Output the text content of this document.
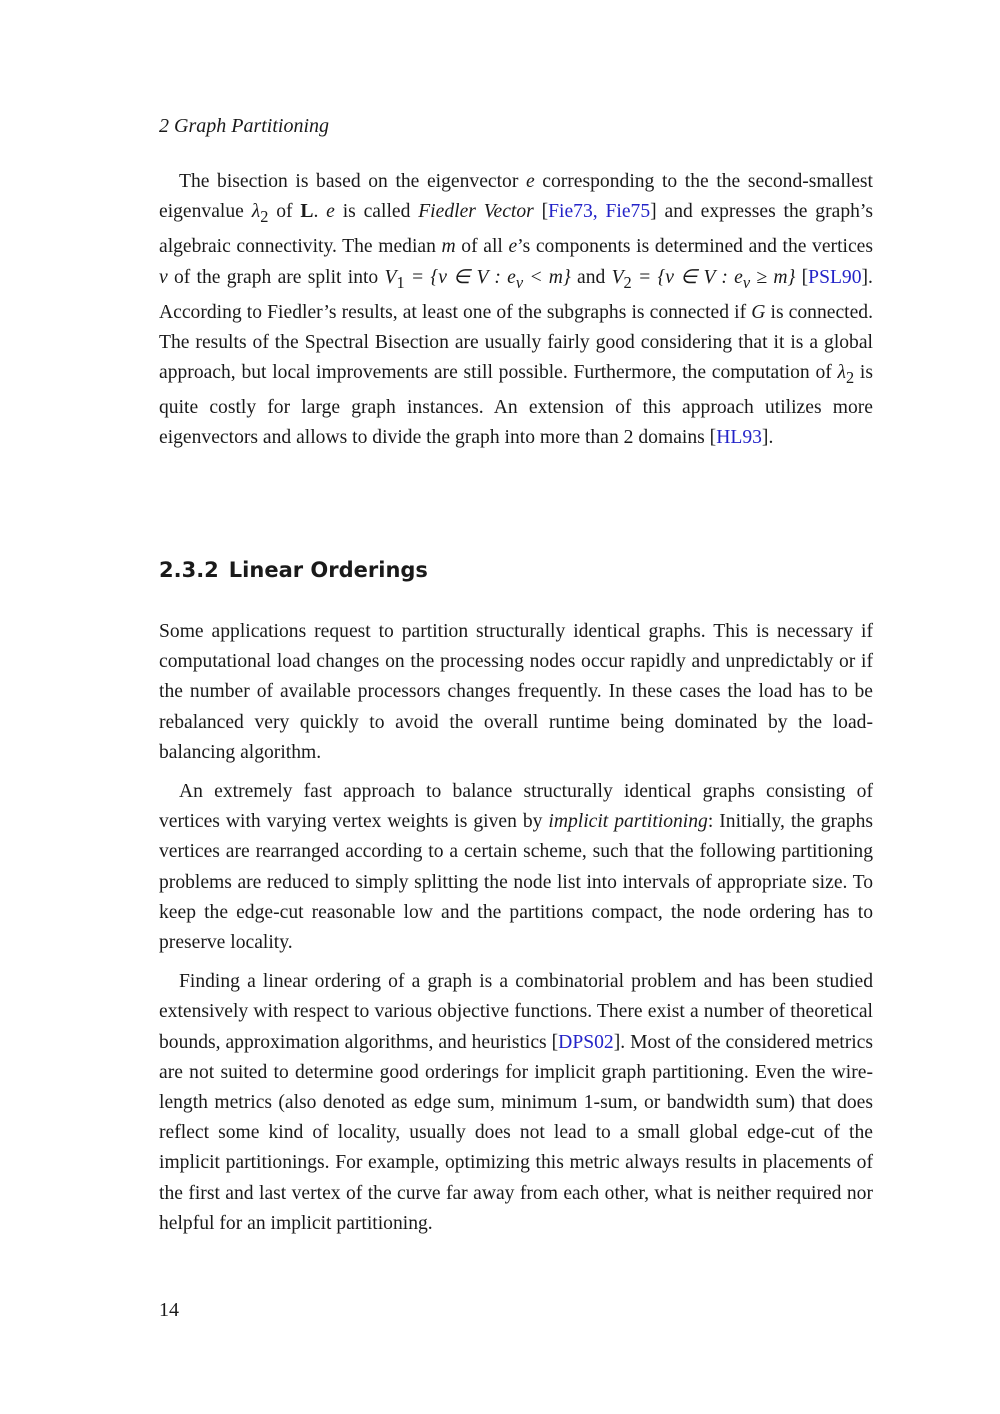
2 Graph Partitioning

The bisection is based on the eigenvector e corresponding to the the second-smallest eigenvalue $\lambda_2$ of L. e is called Fiedler Vector [Fie73, Fie75] and expresses the graph’s algebraic connectivity. The median m of all e’s components is determined and the vertices v of the graph are split into $V_1 = \{v$ ∈ V : $e_v < m$} and $V_2 = \{v$ ∈ V : $e_v \ge m$} [PSL90]. According to Fiedler’s results, at least one of the subgraphs is connected if G is connected. The results of the Spectral Bisection are usually fairly good considering that it is a global approach, but local improvements are still possible. Furthermore, the computation of $\lambda_2$ is quite costly for large graph instances. An extension of this approach utilizes more eigenvectors and allows to divide the graph into more than 2 domains [HL93].

2.3.2 Linear Orderings

Some applications request to partition structurally identical graphs. This is necessary if computational load changes on the processing nodes occur rapidly and unpredictably or if the number of available processors changes frequently. In these cases the load has to be rebalanced very quickly to avoid the overall runtime being dominated by the load-balancing algorithm.

An extremely fast approach to balance structurally identical graphs consisting of vertices with varying vertex weights is given by implicit partitioning: Initially, the graphs vertices are rearranged according to a certain scheme, such that the following partitioning problems are reduced to simply splitting the node list into intervals of appropriate size. To keep the edge-cut reasonable low and the partitions compact, the node ordering has to preserve locality.

Finding a linear ordering of a graph is a combinatorial problem and has been studied extensively with respect to various objective functions. There exist a number of theoretical bounds, approximation algorithms, and heuristics [DPS02]. Most of the considered metrics are not suited to determine good orderings for implicit graph partitioning. Even the wire-length metrics (also denoted as edge sum, minimum 1-sum, or bandwidth sum) that does reflect some kind of locality, usually does not lead to a small global edge-cut of the implicit partitionings. For example, optimizing this metric always results in placements of the first and last vertex of the curve far away from each other, what is neither required nor helpful for an implicit partitioning.

14
